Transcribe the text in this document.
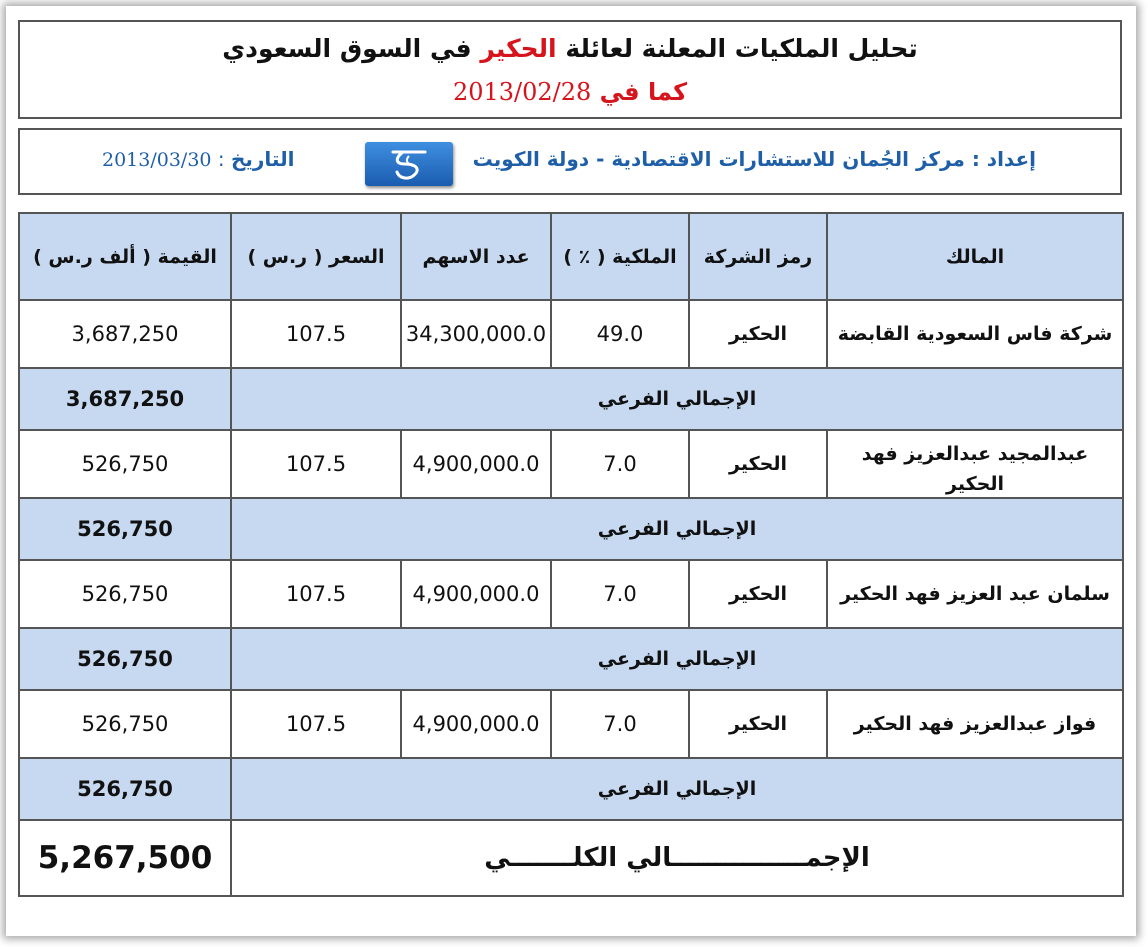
تحليل الملكيات المعلنة لعائلة الحكير في السوق السعودي
كما في 2013/02/28
إعداد : مركز الجُمان للاستشارات الاقتصادية - دولة الكويت
التاريخ : 2013/03/30
المالك	رمز الشركة	الملكية ( ٪ )	عدد الاسهم	السعر ( ر.س )	القيمة ( ألف ر.س )
شركة فاس السعودية القابضة	الحكير	49.0	34,300,000.0	107.5	3,687,250
الإجمالي الفرعي					3,687,250

عبدالمجيد عبدالعزيز فهد الحكير	الحكير	7.0	4,900,000.0	107.5	526,750
الإجمالي الفرعي					526,750
سلمان عبد العزيز فهد الحكير	الحكير	7.0	4,900,000.0	107.5	526,750
الإجمالي الفرعي					526,750
فواز عبدالعزيز فهد الحكير	الحكير	7.0	4,900,000.0	107.5	526,750
الإجمالي الفرعي					526,750
الإجمـــــــــــــــالي الكلـــــــي					5,267,500
